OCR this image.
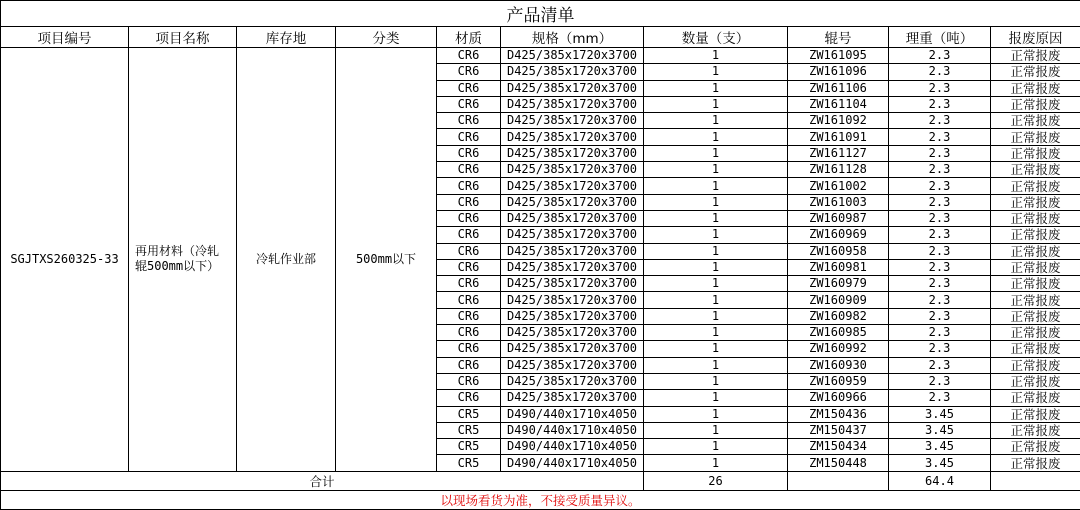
产品清单									
项目编号	项目名称	库存地	分类	材质	规格（mm）	数量（支）	辊号	理重（吨）	报废原因
SGJTXS260325-33	再用材料（冷轧辊500mm以下）	冷轧作业部	500mm以下	CR6	D425/385x1720x3700	1	ZW161095	2.3	正常报废
				CR6	D425/385x1720x3700	1	ZW161096	2.3	正常报废
				CR6	D425/385x1720x3700	1	ZW161106	2.3	正常报废
				CR6	D425/385x1720x3700	1	ZW161104	2.3	正常报废
				CR6	D425/385x1720x3700	1	ZW161092	2.3	正常报废
				CR6	D425/385x1720x3700	1	ZW161091	2.3	正常报废
				CR6	D425/385x1720x3700	1	ZW161127	2.3	正常报废
				CR6	D425/385x1720x3700	1	ZW161128	2.3	正常报废
				CR6	D425/385x1720x3700	1	ZW161002	2.3	正常报废
				CR6	D425/385x1720x3700	1	ZW161003	2.3	正常报废
				CR6	D425/385x1720x3700	1	ZW160987	2.3	正常报废
				CR6	D425/385x1720x3700	1	ZW160969	2.3	正常报废
				CR6	D425/385x1720x3700	1	ZW160958	2.3	正常报废
				CR6	D425/385x1720x3700	1	ZW160981	2.3	正常报废
				CR6	D425/385x1720x3700	1	ZW160979	2.3	正常报废
				CR6	D425/385x1720x3700	1	ZW160909	2.3	正常报废
				CR6	D425/385x1720x3700	1	ZW160982	2.3	正常报废
				CR6	D425/385x1720x3700	1	ZW160985	2.3	正常报废
				CR6	D425/385x1720x3700	1	ZW160992	2.3	正常报废
				CR6	D425/385x1720x3700	1	ZW160930	2.3	正常报废
				CR6	D425/385x1720x3700	1	ZW160959	2.3	正常报废
				CR6	D425/385x1720x3700	1	ZW160966	2.3	正常报废
				CR5	D490/440x1710x4050	1	ZM150436	3.45	正常报废
				CR5	D490/440x1710x4050	1	ZM150437	3.45	正常报废
				CR5	D490/440x1710x4050	1	ZM150434	3.45	正常报废
				CR5	D490/440x1710x4050	1	ZM150448	3.45	正常报废
合计						26		64.4	
以现场看货为准，不接受质量异议。									
